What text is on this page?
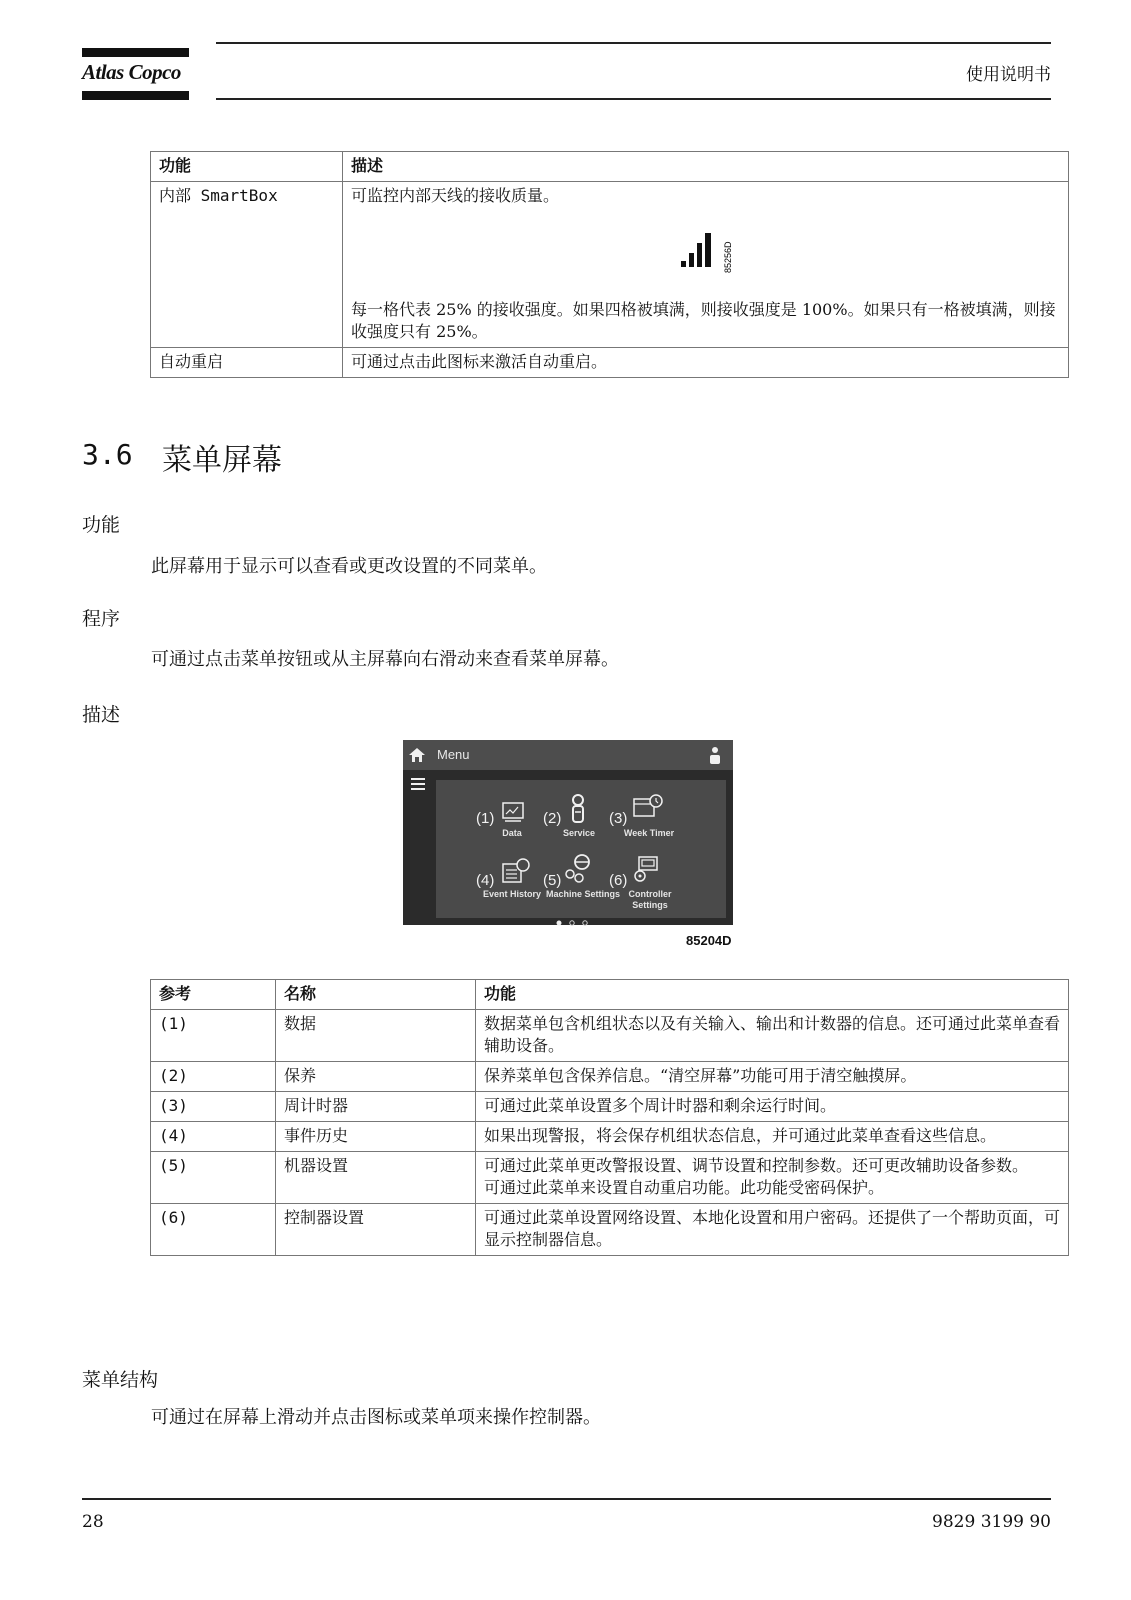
Atlas Copco	使用说明书
功能	描述
内部 SmartBox	可监控内部天线的接收质量。
85256D
每一格代表 25% 的接收强度。如果四格被填满，则接收强度是 100%。如果只有一格被填满，则接收强度只有 25%。

自动重启	可通过点击此图标来激活自动重启。
3.6 菜单屏幕
功能
此屏幕用于显示可以查看或更改设置的不同菜单。
程序
可通过点击菜单按钮或从主屏幕向右滑动来查看菜单屏幕。
描述
Menu
(1)
Data
(2)
Service
(3)
Week Timer
(4)
Event History
(5)
Machine Settings
(6)
Controller Settings
85204D
参考	名称	功能
(1)	数据	数据菜单包含机组状态以及有关输入、输出和计数器的信息。还可通过此菜单查看辅助设备。
(2)	保养	保养菜单包含保养信息。“清空屏幕”功能可用于清空触摸屏。
(3)	周计时器	可通过此菜单设置多个周计时器和剩余运行时间。
(4)	事件历史	如果出现警报，将会保存机组状态信息，并可通过此菜单查看这些信息。
(5)	机器设置	可通过此菜单更改警报设置、调节设置和控制参数。还可更改辅助设备参数。
可通过此菜单来设置自动重启功能。此功能受密码保护。

(6)	控制器设置	可通过此菜单设置网络设置、本地化设置和用户密码。还提供了一个帮助页面，可显示控制器信息。
菜单结构
可通过在屏幕上滑动并点击图标或菜单项来操作控制器。
28	9829 3199 90
